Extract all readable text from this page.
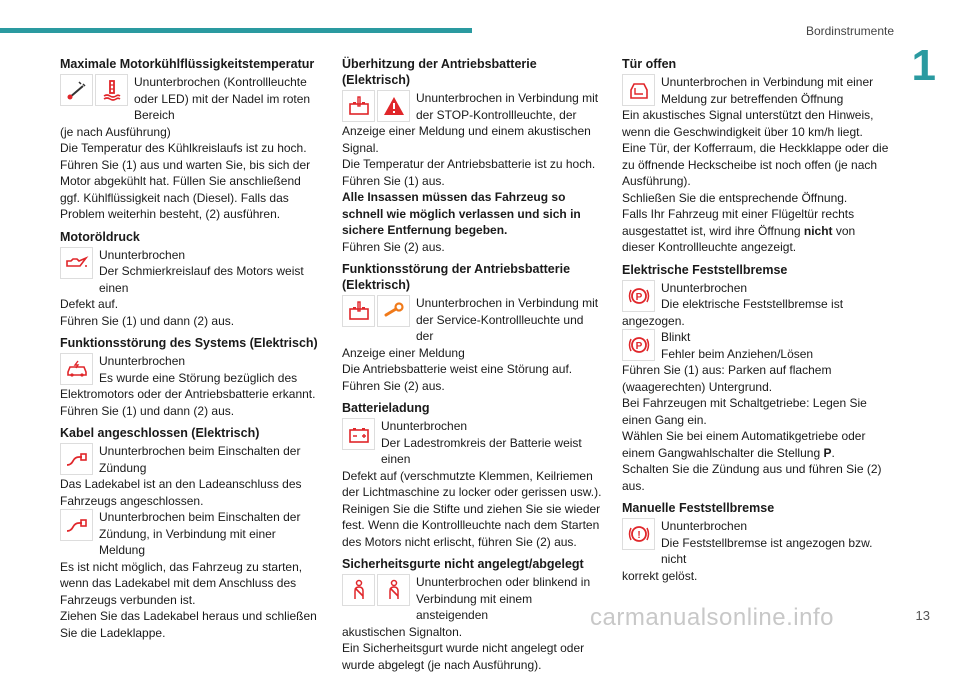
Bordinstrumente
1
Maximale Motorkühlflüssigkeitstemperatur
Ununterbrochen (Kontrollleuchte oder LED) mit der Nadel im roten Bereich

(je nach Ausführung)

Die Temperatur des Kühlkreislaufs ist zu hoch.

Führen Sie (1) aus und warten Sie, bis sich der Motor abgekühlt hat. Füllen Sie anschließend ggf. Kühlflüssigkeit nach (Diesel). Falls das Problem weiterhin besteht, (2) ausführen.

Motoröldruck
Ununterbrochen
Der Schmierkreislauf des Motors weist einen

Defekt auf.

Führen Sie (1) und dann (2) aus.

Funktionsstörung des Systems (Elektrisch)
Ununterbrochen
Es wurde eine Störung bezüglich des

Elektromotors oder der Antriebsbatterie erkannt.

Führen Sie (1) und dann (2) aus.

Kabel angeschlossen (Elektrisch)
Ununterbrochen beim Einschalten der Zündung

Das Ladekabel ist an den Ladeanschluss des Fahrzeugs angeschlossen.

Ununterbrochen beim Einschalten der Zündung, in Verbindung mit einer Meldung

Es ist nicht möglich, das Fahrzeug zu starten, wenn das Ladekabel mit dem Anschluss des Fahrzeugs verbunden ist.

Ziehen Sie das Ladekabel heraus und schließen Sie die Ladeklappe.

Überhitzung der Antriebsbatterie (Elektrisch)
Ununterbrochen in Verbindung mit der STOP-Kontrollleuchte, der

Anzeige einer Meldung und einem akustischen Signal.

Die Temperatur der Antriebsbatterie ist zu hoch.

Führen Sie (1) aus.

Alle Insassen müssen das Fahrzeug so schnell wie möglich verlassen und sich in sichere Entfernung begeben.

Führen Sie (2) aus.

Funktionsstörung der Antriebsbatterie (Elektrisch)
Ununterbrochen in Verbindung mit der Service-Kontrollleuchte und der

Anzeige einer Meldung

Die Antriebsbatterie weist eine Störung auf.

Führen Sie (2) aus.

Batterieladung
Ununterbrochen
Der Ladestromkreis der Batterie weist einen

Defekt auf (verschmutzte Klemmen, Keilriemen der Lichtmaschine zu locker oder gerissen usw.).

Reinigen Sie die Stifte und ziehen Sie sie wieder fest. Wenn die Kontrollleuchte nach dem Starten des Motors nicht erlischt, führen Sie (2) aus.

Sicherheitsgurte nicht angelegt/abgelegt
Ununterbrochen oder blinkend in Verbindung mit einem ansteigenden

akustischen Signalton.

Ein Sicherheitsgurt wurde nicht angelegt oder wurde abgelegt (je nach Ausführung).

Tür offen
Ununterbrochen in Verbindung mit einer Meldung zur betreffenden Öffnung

Ein akustisches Signal unterstützt den Hinweis, wenn die Geschwindigkeit über 10 km/h liegt.

Eine Tür, der Kofferraum, die Heckklappe oder die zu öffnende Heckscheibe ist noch offen (je nach Ausführung).

Schließen Sie die entsprechende Öffnung.

Falls Ihr Fahrzeug mit einer Flügeltür rechts ausgestattet ist, wird ihre Öffnung nicht von dieser Kontrollleuchte angezeigt.

Elektrische Feststellbremse
P
Ununterbrochen
Die elektrische Feststellbremse ist

angezogen.

P
Blinkt
Fehler beim Anziehen/Lösen

Führen Sie (1) aus: Parken auf flachem (waagerechten) Untergrund.

Bei Fahrzeugen mit Schaltgetriebe: Legen Sie einen Gang ein.

Wählen Sie bei einem Automatikgetriebe oder einem Gangwahlschalter die Stellung P.

Schalten Sie die Zündung aus und führen Sie (2) aus.

Manuelle Feststellbremse
!
Ununterbrochen
Die Feststellbremse ist angezogen bzw. nicht

korrekt gelöst.

carmanualsonline.info	13
